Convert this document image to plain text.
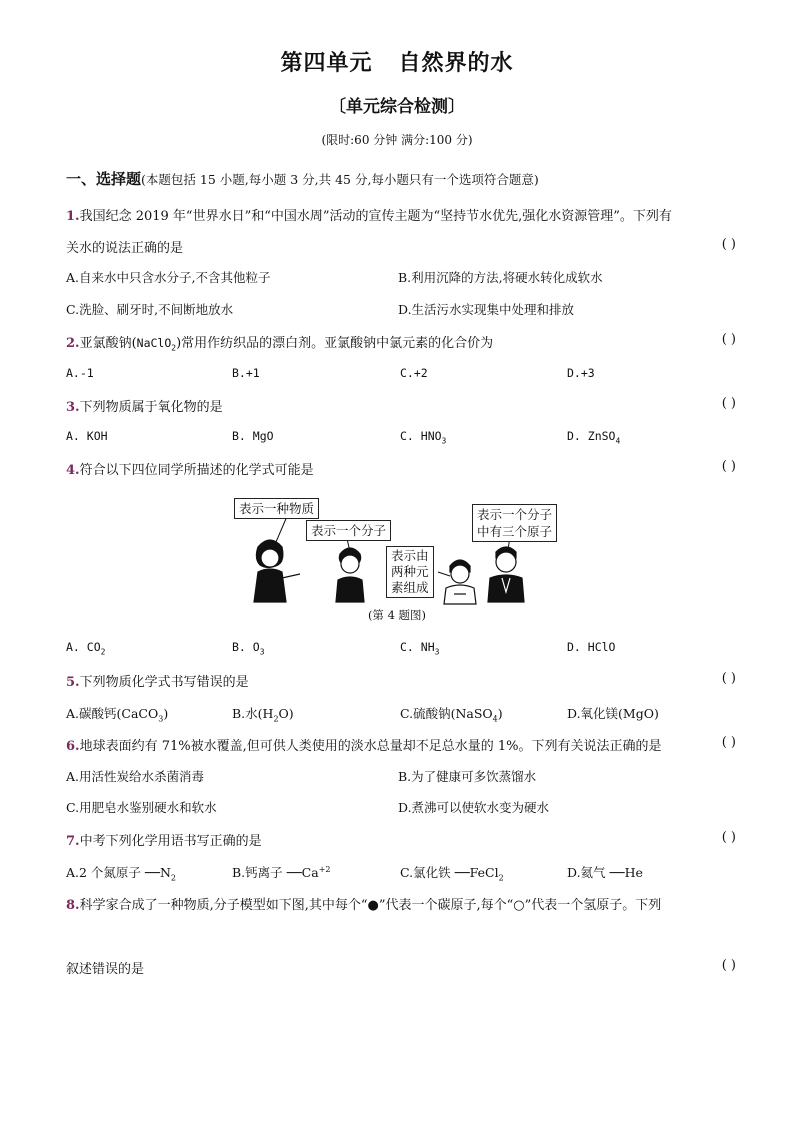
第四单元 自然界的水
〔单元综合检测〕
(限时:60 分钟 满分:100 分)
一、选择题(本题包括 15 小题,每小题 3 分,共 45 分,每小题只有一个选项符合题意)
1.我国纪念 2019 年“世界水日”和“中国水周”活动的宣传主题为“坚持节水优先,强化水资源管理”。下列有
关水的说法正确的是	( )
A.自来水中只含水分子,不含其他粒子	B.利用沉降的方法,将硬水转化成软水
C.洗脸、刷牙时,不间断地放水	D.生活污水实现集中处理和排放
2.亚氯酸钠(NaClO$_2$)常用作纺织品的漂白剂。亚氯酸钠中氯元素的化合价为	( )
A.-1	B.+1	C.+2	D.+3
3.下列物质属于氧化物的是	( )
A. KOH	B. MgO	C. $HNO_3$	D. ZnSO$_4$
4.符合以下四位同学所描述的化学式可能是	( )
表示一种物质
表示一个分子
表示由
两种元
素组成
表示一个分子
中有三个原子
(第 4 题图)
A. $CO_2$	B. $O_3$	C. $NH_3$	D. HClO
5.下列物质化学式书写错误的是	( )
A.碳酸钙(CaCO$_3$)	B.水$(H_2O)$	C.硫酸钠(NaSO$_4$)	D.氧化镁(MgO)
6.地球表面约有 71%被水覆盖,但可供人类使用的淡水总量却不足总水量的 1%。下列有关说法正确的是	( )
A.用活性炭给水杀菌消毒	B.为了健康可多饮蒸馏水
C.用肥皂水鉴别硬水和软水	D.煮沸可以使软水变为硬水
7.中考下列化学用语书写正确的是	( )
A.2 个氮原子 $──N_2$	B.钙离子 $──Ca^{+2}$	C.氯化铁 ──FeCl$_2$	D.氦气 ──He
8.科学家合成了一种物质,分子模型如下图,其中每个“●”代表一个碳原子,每个“○”代表一个氢原子。下列
叙述错误的是	( )
